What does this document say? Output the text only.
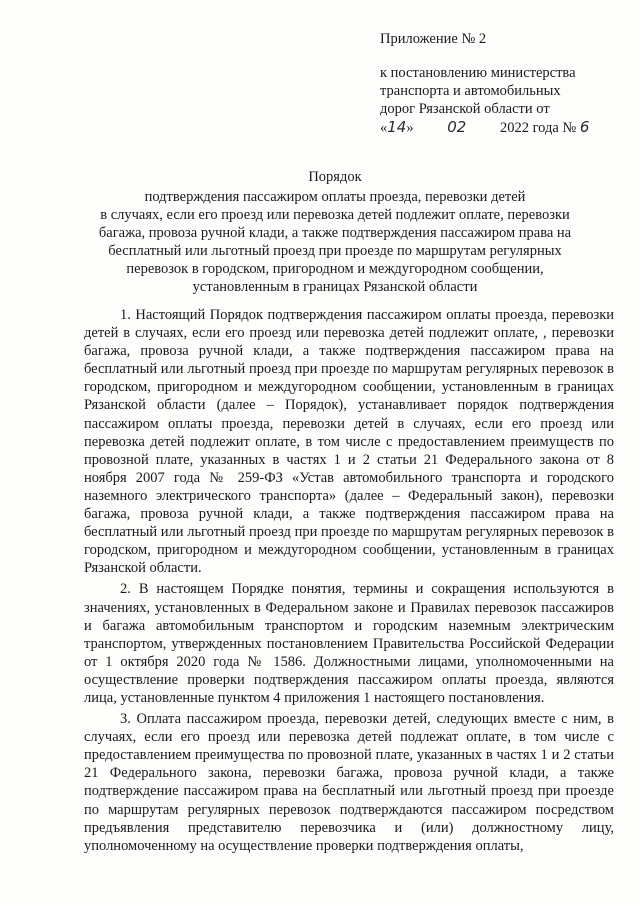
Приложение № 2

к постановлению министерства

транспорта и автомобильных

дорог Рязанской области от

«14» 02 2022 года № 6

Порядок

подтверждения пассажиром оплаты проезда, перевозки детей

в случаях, если его проезд или перевозка детей подлежит оплате, перевозки

багажа, провоза ручной клади, а также подтверждения пассажиром права на

бесплатный или льготный проезд при проезде по маршрутам регулярных

перевозок в городском, пригородном и междугородном сообщении,

установленным в границах Рязанской области

1. Настоящий Порядок подтверждения пассажиром оплаты проезда, перевозки детей в случаях, если его проезд или перевозка детей подлежит оплате, , перевозки багажа, провоза ручной клади, а также подтверждения пассажиром права на бесплатный или льготный проезд при проезде по маршрутам регулярных перевозок в городском, пригородном и междугородном сообщении, установленным в границах Рязанской области (далее – Порядок), устанавливает порядок подтверждения пассажиром оплаты проезда, перевозки детей в случаях, если его проезд или перевозка детей подлежит оплате, в том числе с предоставлением преимуществ по провозной плате, указанных в частях 1 и 2 статьи 21 Федерального закона от 8 ноября 2007 года № 259-ФЗ «Устав автомобильного транспорта и городского наземного электрического транспорта» (далее – Федеральный закон), перевозки багажа, провоза ручной клади, а также подтверждения пассажиром права на бесплатный или льготный проезд при проезде по маршрутам регулярных перевозок в городском, пригородном и междугородном сообщении, установленным в границах Рязанской области.

2. В настоящем Порядке понятия, термины и сокращения используются в значениях, установленных в Федеральном законе и Правилах перевозок пассажиров и багажа автомобильным транспортом и городским наземным электрическим транспортом, утвержденных постановлением Правительства Российской Федерации от 1 октября 2020 года № 1586. Должностными лицами, уполномоченными на осуществление проверки подтверждения пассажиром оплаты проезда, являются лица, установленные пунктом 4 приложения 1 настоящего постановления.

3. Оплата пассажиром проезда, перевозки детей, следующих вместе с ним, в случаях, если его проезд или перевозка детей подлежат оплате, в том числе с предоставлением преимущества по провозной плате, указанных в частях 1 и 2 статьи 21 Федерального закона, перевозки багажа, провоза ручной клади, а также подтверждение пассажиром права на бесплатный или льготный проезд при проезде по маршрутам регулярных перевозок подтверждаются пассажиром посредством предъявления представителю перевозчика и (или) должностному лицу, уполномоченному на осуществление проверки подтверждения оплаты,
